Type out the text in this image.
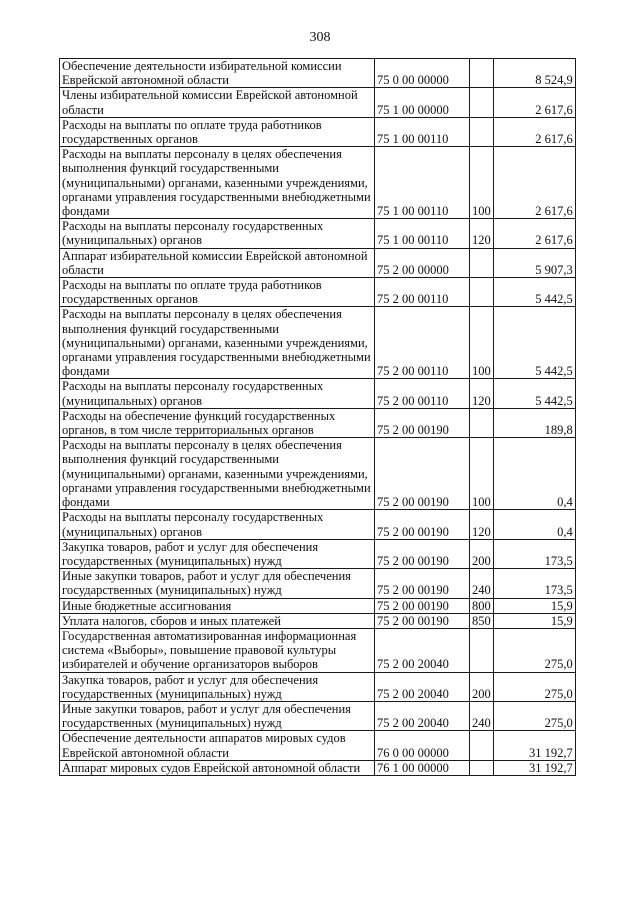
308
Обеспечение деятельности избирательной комиссии Еврейской автономной области	75 0 00 00000		8 524,9
Члены избирательной комиссии Еврейской автономной области	75 1 00 00000		2 617,6
Расходы на выплаты по оплате труда работников государственных органов	75 1 00 00110		2 617,6
Расходы на выплаты персоналу в целях обеспечения выполнения функций государственными (муниципальными) органами, казенными учреждениями, органами управления государственными внебюджетными фондами	75 1 00 00110	100	2 617,6
Расходы на выплаты персоналу государственных (муниципальных) органов	75 1 00 00110	120	2 617,6
Аппарат избирательной комиссии Еврейской автономной области	75 2 00 00000		5 907,3
Расходы на выплаты по оплате труда работников государственных органов	75 2 00 00110		5 442,5
Расходы на выплаты персоналу в целях обеспечения выполнения функций государственными (муниципальными) органами, казенными учреждениями, органами управления государственными внебюджетными фондами	75 2 00 00110	100	5 442,5
Расходы на выплаты персоналу государственных (муниципальных) органов	75 2 00 00110	120	5 442,5
Расходы на обеспечение функций государственных органов, в том числе территориальных органов	75 2 00 00190		189,8
Расходы на выплаты персоналу в целях обеспечения выполнения функций государственными (муниципальными) органами, казенными учреждениями, органами управления государственными внебюджетными фондами	75 2 00 00190	100	0,4
Расходы на выплаты персоналу государственных (муниципальных) органов	75 2 00 00190	120	0,4
Закупка товаров, работ и услуг для обеспечения государственных (муниципальных) нужд	75 2 00 00190	200	173,5
Иные закупки товаров, работ и услуг для обеспечения государственных (муниципальных) нужд	75 2 00 00190	240	173,5
Иные бюджетные ассигнования	75 2 00 00190	800	15,9
Уплата налогов, сборов и иных платежей	75 2 00 00190	850	15,9
Государственная автоматизированная информационная система «Выборы», повышение правовой культуры избирателей и обучение организаторов выборов	75 2 00 20040		275,0
Закупка товаров, работ и услуг для обеспечения государственных (муниципальных) нужд	75 2 00 20040	200	275,0
Иные закупки товаров, работ и услуг для обеспечения государственных (муниципальных) нужд	75 2 00 20040	240	275,0
Обеспечение деятельности аппаратов мировых судов Еврейской автономной области	76 0 00 00000		31 192,7
Аппарат мировых судов Еврейской автономной области	76 1 00 00000		31 192,7
